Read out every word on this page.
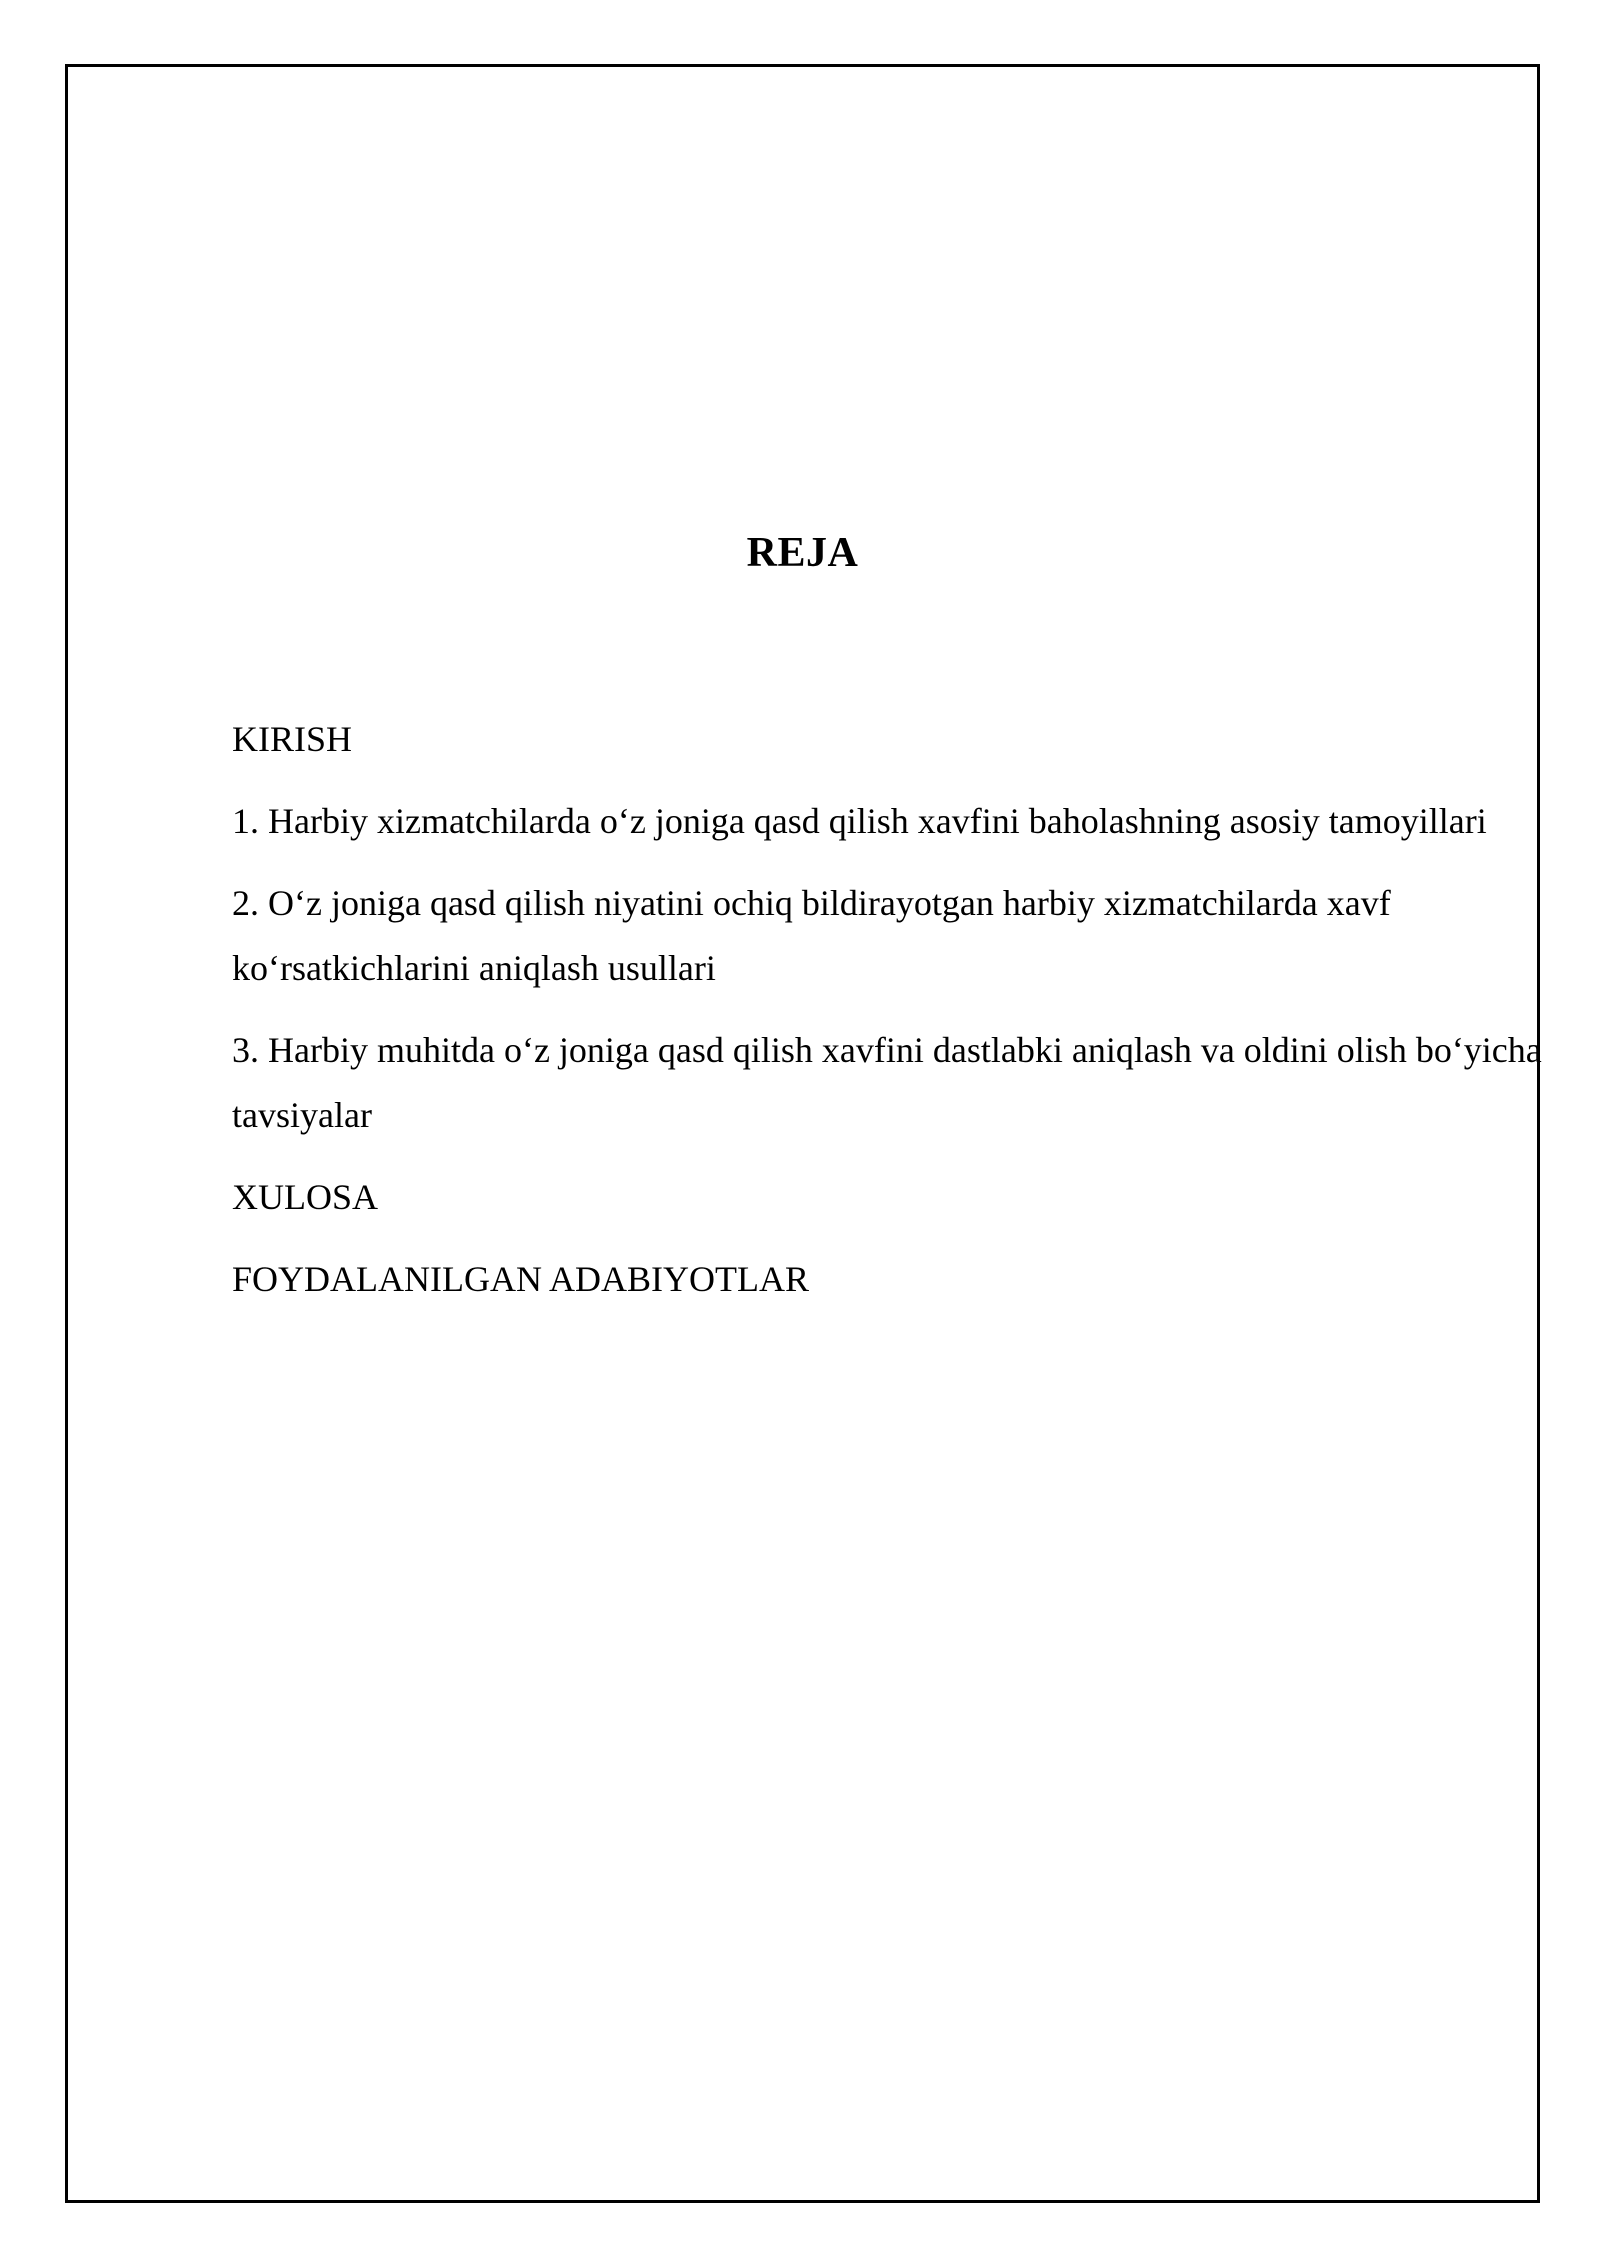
REJA

KIRISH

1. Harbiy xizmatchilarda o‘z joniga qasd qilish xavfini baholashning asosiy tamoyillari

2. O‘z joniga qasd qilish niyatini ochiq bildirayotgan harbiy xizmatchilarda xavf ko‘rsatkichlarini aniqlash usullari

3. Harbiy muhitda o‘z joniga qasd qilish xavfini dastlabki aniqlash va oldini olish bo‘yicha tavsiyalar

XULOSA

FOYDALANILGAN ADABIYOTLAR
